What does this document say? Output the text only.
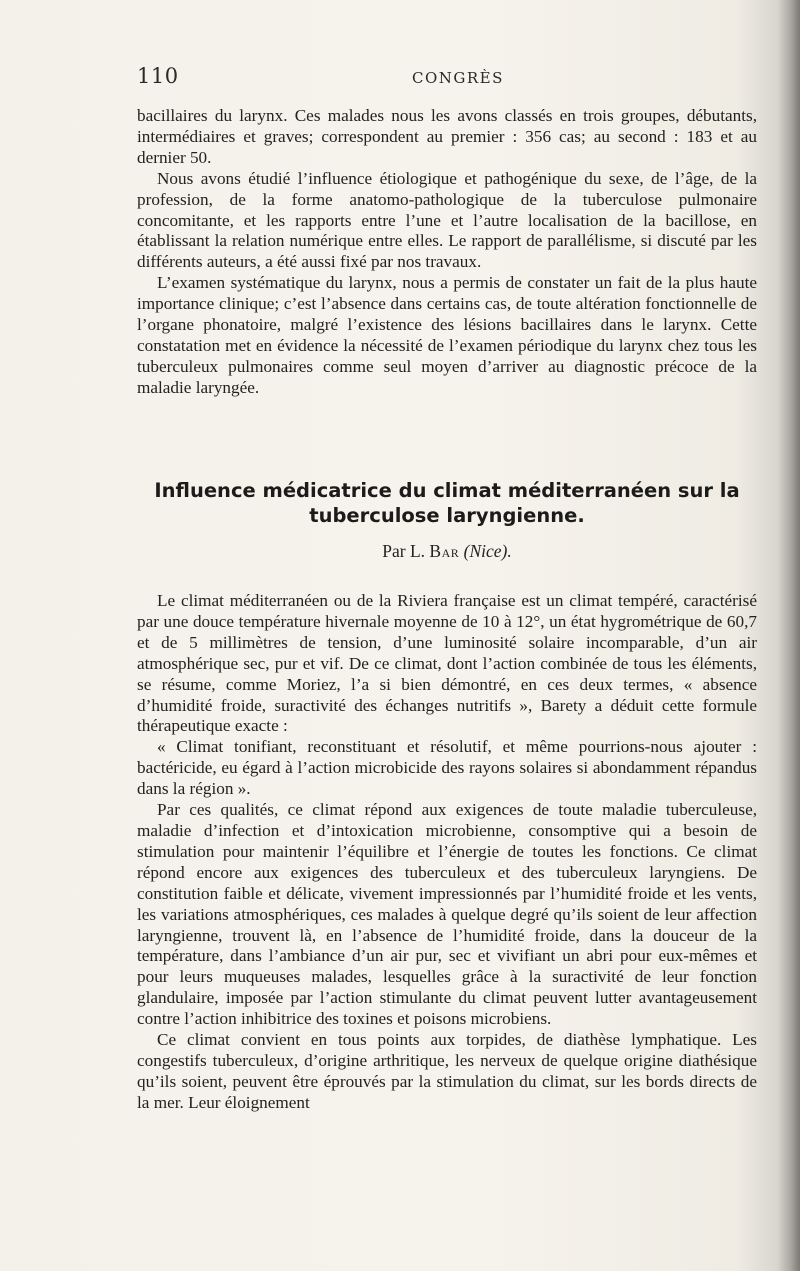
110	CONGRÈS

bacillaires du larynx. Ces malades nous les avons classés en trois groupes, débutants, intermédiaires et graves; correspondent au premier : 356 cas; au second : 183 et au dernier 50.

Nous avons étudié l’influence étiologique et pathogénique du sexe, de l’âge, de la profession, de la forme anatomo-pathologique de la tuberculose pulmonaire concomitante, et les rapports entre l’une et l’autre localisation de la bacillose, en établissant la relation numérique entre elles. Le rapport de parallélisme, si discuté par les différents auteurs, a été aussi fixé par nos travaux.

L’examen systématique du larynx, nous a permis de constater un fait de la plus haute importance clinique; c’est l’absence dans certains cas, de toute altération fonctionnelle de l’organe phonatoire, malgré l’existence des lésions bacillaires dans le larynx. Cette constatation met en évidence la nécessité de l’examen périodique du larynx chez tous les tuberculeux pulmonaires comme seul moyen d’arriver au diagnostic précoce de la maladie laryngée.

Influence médicatrice du climat méditerranéen sur la tuberculose laryngienne.
Par L. Bar (Nice).

Le climat méditerranéen ou de la Riviera française est un climat tempéré, caractérisé par une douce température hivernale moyenne de 10 à 12°, un état hygrométrique de 60,7 et de 5 millimètres de tension, d’une luminosité solaire incomparable, d’un air atmosphérique sec, pur et vif. De ce climat, dont l’action combinée de tous les éléments, se résume, comme Moriez, l’a si bien démontré, en ces deux termes, « absence d’humidité froide, suractivité des échanges nutritifs », Barety a déduit cette formule thérapeutique exacte :

« Climat tonifiant, reconstituant et résolutif, et même pourrions-nous ajouter : bactéricide, eu égard à l’action microbicide des rayons solaires si abondamment répandus dans la région ».

Par ces qualités, ce climat répond aux exigences de toute maladie tuberculeuse, maladie d’infection et d’intoxication microbienne, consomptive qui a besoin de stimulation pour maintenir l’équilibre et l’énergie de toutes les fonctions. Ce climat répond encore aux exigences des tuberculeux et des tuberculeux laryngiens. De constitution faible et délicate, vivement impressionnés par l’humidité froide et les vents, les variations atmosphériques, ces malades à quelque degré qu’ils soient de leur affection laryngienne, trouvent là, en l’absence de l’humidité froide, dans la douceur de la température, dans l’ambiance d’un air pur, sec et vivifiant un abri pour eux-mêmes et pour leurs muqueuses malades, lesquelles grâce à la suractivité de leur fonction glandulaire, imposée par l’action stimulante du climat peuvent lutter avantageusement contre l’action inhibitrice des toxines et poisons microbiens.

Ce climat convient en tous points aux torpides, de diathèse lymphatique. Les congestifs tuberculeux, d’origine arthritique, les nerveux de quelque origine diathésique qu’ils soient, peuvent être éprouvés par la stimulation du climat, sur les bords directs de la mer. Leur éloignement
